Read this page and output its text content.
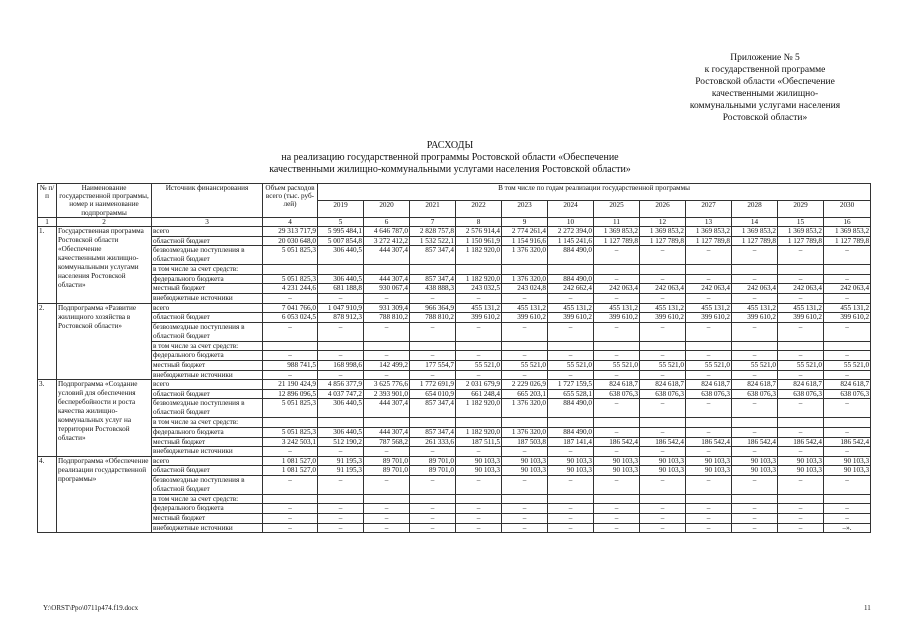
Приложение № 5
к государственной программе
Ростовской области «Обеспечение
качественными жилищно-
коммунальными услугами населения
Ростовской области»
РАСХОДЫ
на реализацию государственной программы Ростовской области «Обеспечение
качественными жилищно-коммунальными услугами населения Ростовской области»
№ п/п	Наименование государственной программы, номер и наименование подпрограммы	Источник финансирования	Объем расходов всего (тыс. руб-лей)	В том числе по годам реализации государственной программы											
				2019	2020	2021	2022	2023	2024	2025	2026	2027	2028	2029	2030
1	2	3	4	5	6	7	8	9	10	11	12	13	14	15	16
1.	Государственная программа Ростовской области «Обеспечение качественными жилищно-коммунальными услугами населения Ростовской области»	всего	29 313 717,9	5 995 484,1	4 646 787,0	2 828 757,8	2 576 914,4	2 774 261,4	2 272 394,0	1 369 853,2	1 369 853,2	1 369 853,2	1 369 853,2	1 369 853,2	1 369 853,2
		областной бюджет	20 030 648,0	5 007 854,8	3 272 412,2	1 532 522,1	1 150 961,9	1 154 916,6	1 145 241,6	1 127 789,8	1 127 789,8	1 127 789,8	1 127 789,8	1 127 789,8	1 127 789,8
		безвозмездные поступления в областной бюджет	5 051 825,3	306 440,5	444 307,4	857 347,4	1 182 920,0	1 376 320,0	884 490,0	–	–	–	–	–	–
		в том числе за счет средств:													
		федерального бюджета	5 051 825,3	306 440,5	444 307,4	857 347,4	1 182 920,0	1 376 320,0	884 490,0	–	–	–	–	–	–
		местный бюджет	4 231 244,6	681 188,8	930 067,4	438 888,3	243 032,5	243 024,8	242 662,4	242 063,4	242 063,4	242 063,4	242 063,4	242 063,4	242 063,4
		внебюджетные источники	–	–	–	–	–	–	–	–	–	–	–	–	–
2.	Подпрограмма «Развитие жилищного хозяйства в Ростовской области»	всего	7 041 766,0	1 047 910,9	931 309,4	966 364,9	455 131,2	455 131,2	455 131,2	455 131,2	455 131,2	455 131,2	455 131,2	455 131,2	455 131,2
		областной бюджет	6 053 024,5	878 912,3	788 810,2	788 810,2	399 610,2	399 610,2	399 610,2	399 610,2	399 610,2	399 610,2	399 610,2	399 610,2	399 610,2
		безвозмездные поступления в областной бюджет	–	–	–	–	–	–	–	–	–	–	–	–	–
		в том числе за счет средств:													
		федерального бюджета	–	–	–	–	–	–	–	–	–	–	–	–	–
		местный бюджет	988 741,5	168 998,6	142 499,2	177 554,7	55 521,0	55 521,0	55 521,0	55 521,0	55 521,0	55 521,0	55 521,0	55 521,0	55 521,0
		внебюджетные источники	–	–	–	–	–	–	–	–	–	–	–	–	–
3.	Подпрограмма «Создание условий для обеспечения бесперебойности и роста качества жилищно-коммунальных услуг на территории Ростовской области»	всего	21 190 424,9	4 856 377,9	3 625 776,6	1 772 691,9	2 031 679,9	2 229 026,9	1 727 159,5	824 618,7	824 618,7	824 618,7	824 618,7	824 618,7	824 618,7
		областной бюджет	12 896 096,5	4 037 747,2	2 393 901,0	654 010,9	661 248,4	665 203,1	655 528,1	638 076,3	638 076,3	638 076,3	638 076,3	638 076,3	638 076,3
		безвозмездные поступления в областной бюджет	5 051 825,3	306 440,5	444 307,4	857 347,4	1 182 920,0	1 376 320,0	884 490,0	–	–	–	–	–	–
		в том числе за счет средств:													
		федерального бюджета	5 051 825,3	306 440,5	444 307,4	857 347,4	1 182 920,0	1 376 320,0	884 490,0	–	–	–	–	–	–
		местный бюджет	3 242 503,1	512 190,2	787 568,2	261 333,6	187 511,5	187 503,8	187 141,4	186 542,4	186 542,4	186 542,4	186 542,4	186 542,4	186 542,4
		внебюджетные источники	–	–	–	–	–	–	–	–	–	–	–	–	–
4.	Подпрограмма «Обеспечение реализации государственной программы»	всего	1 081 527,0	91 195,3	89 701,0	89 701,0	90 103,3	90 103,3	90 103,3	90 103,3	90 103,3	90 103,3	90 103,3	90 103,3	90 103,3
		областной бюджет	1 081 527,0	91 195,3	89 701,0	89 701,0	90 103,3	90 103,3	90 103,3	90 103,3	90 103,3	90 103,3	90 103,3	90 103,3	90 103,3
		безвозмездные поступления в областной бюджет	–	–	–	–	–	–	–	–	–	–	–	–	–
		в том числе за счет средств:													
		федерального бюджета	–	–	–	–	–	–	–	–	–	–	–	–	–
		местный бюджет	–	–	–	–	–	–	–	–	–	–	–	–	–
		внебюджетные источники	–	–	–	–	–	–	–	–	–	–	–	–	–».
Y:\ORST\Ppo\0711p474.f19.docx	11
